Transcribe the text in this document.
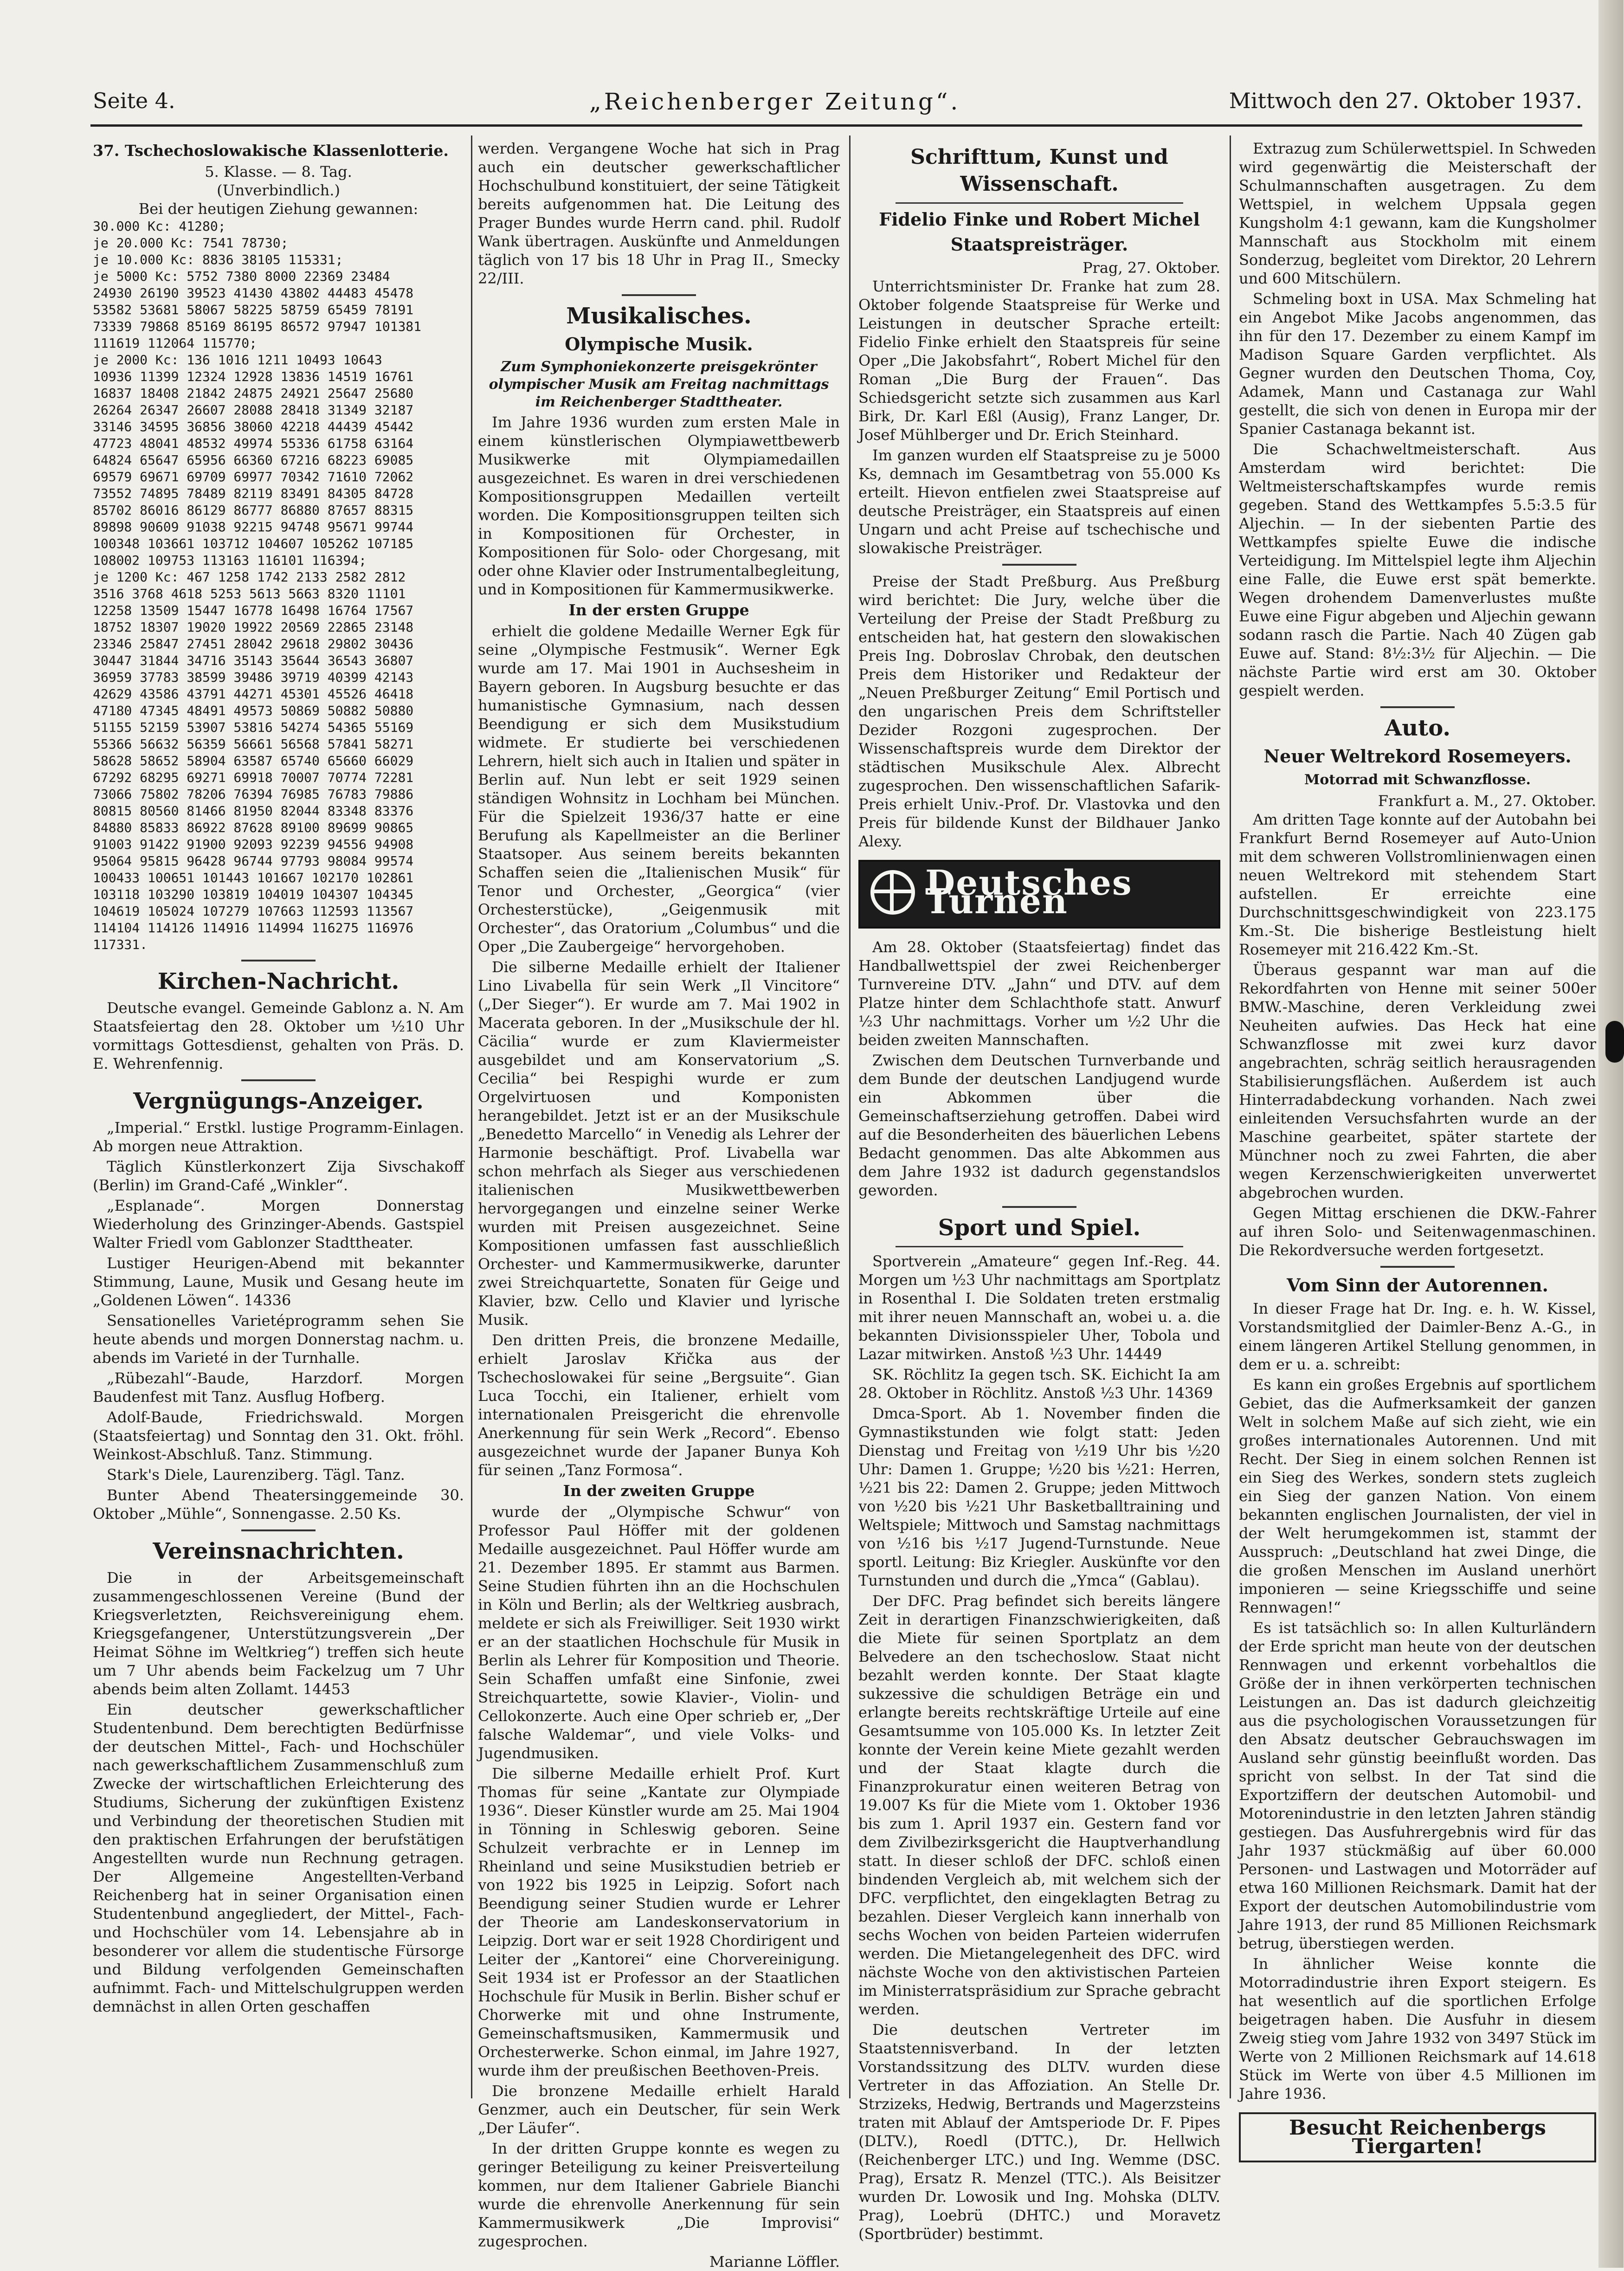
Seite 4.	„Reichenberger Zeitung“.	Mittwoch den 27. Oktober 1937.
37. Tschechoslowakische Klassenlotterie.
5. Klasse. — 8. Tag.
(Unverbindlich.)
Bei der heutigen Ziehung gewannen:
30.000 Kc: 41280;
je 20.000 Kc: 7541 78730;
je 10.000 Kc: 8836 38105 115331;
je 5000 Kc: 5752 7380 8000 22369 23484
24930 26190 39523 41430 43802 44483 45478
53582 53681 58067 58225 58759 65459 78191
73339 79868 85169 86195 86572 97947 101381
111619 112064 115770;
je 2000 Kc: 136 1016 1211 10493 10643
10936 11399 12324 12928 13836 14519 16761
16837 18408 21842 24875 24921 25647 25680
26264 26347 26607 28088 28418 31349 32187
33146 34595 36856 38060 42218 44439 45442
47723 48041 48532 49974 55336 61758 63164
64824 65647 65956 66360 67216 68223 69085
69579 69671 69709 69977 70342 71610 72062
73552 74895 78489 82119 83491 84305 84728
85702 86016 86129 86777 86880 87657 88315
89898 90609 91038 92215 94748 95671 99744
100348 103661 103712 104607 105262 107185
108002 109753 113163 116101 116394;
je 1200 Kc: 467 1258 1742 2133 2582 2812
3516 3768 4618 5253 5613 5663 8320 11101
12258 13509 15447 16778 16498 16764 17567
18752 18307 19020 19922 20569 22865 23148
23346 25847 27451 28042 29618 29802 30436
30447 31844 34716 35143 35644 36543 36807
36959 37783 38599 39486 39719 40399 42143
42629 43586 43791 44271 45301 45526 46418
47180 47345 48491 49573 50869 50882 50880
51155 52159 53907 53816 54274 54365 55169
55366 56632 56359 56661 56568 57841 58271
58628 58652 58904 63587 65740 65660 66029
67292 68295 69271 69918 70007 70774 72281
73066 75802 78206 76394 76985 76783 79886
80815 80560 81466 81950 82044 83348 83376
84880 85833 86922 87628 89100 89699 90865
91003 91422 91900 92093 92239 94556 94908
95064 95815 96428 96744 97793 98084 99574
100433 100651 101443 101667 102170 102861
103118 103290 103819 104019 104307 104345
104619 105024 107279 107663 112593 113567
114104 114126 114916 114994 116275 116976
117331.
Kirchen-Nachricht.

Deutsche evangel. Gemeinde Gablonz a. N. Am Staatsfeiertag den 28. Oktober um ½10 Uhr vormittags Gottesdienst, gehalten von Präs. D. E. Wehrenfennig.

Vergnügungs-Anzeiger.

„Imperial.“ Erstkl. lustige Programm-Einlagen. Ab morgen neue Attraktion.

Täglich Künstlerkonzert Zija Sivschakoff (Berlin) im Grand-Café „Winkler“.

„Esplanade“. Morgen Donnerstag Wiederholung des Grinzinger-Abends. Gastspiel Walter Friedl vom Gablonzer Stadttheater.

Lustiger Heurigen-Abend mit bekannter Stimmung, Laune, Musik und Gesang heute im „Goldenen Löwen“. 14336

Sensationelles Varietéprogramm sehen Sie heute abends und morgen Donnerstag nachm. u. abends im Varieté in der Turnhalle.

„Rübezahl“-Baude, Harzdorf. Morgen Baudenfest mit Tanz. Ausflug Hofberg.

Adolf-Baude, Friedrichswald. Morgen (Staatsfeiertag) und Sonntag den 31. Okt. fröhl. Weinkost-Abschluß. Tanz. Stimmung.

Stark's Diele, Laurenziberg. Tägl. Tanz.

Bunter Abend Theatersinggemeinde 30. Oktober „Mühle“, Sonnengasse. 2.50 Ks.

Vereinsnachrichten.

Die in der Arbeitsgemeinschaft zusammengeschlossenen Vereine (Bund der Kriegsverletzten, Reichsvereinigung ehem. Kriegsgefangener, Unterstützungsverein „Der Heimat Söhne im Weltkrieg“) treffen sich heute um 7 Uhr abends beim Fackelzug um 7 Uhr abends beim alten Zollamt. 14453

Ein deutscher gewerkschaftlicher Studentenbund. Dem berechtigten Bedürfnisse der deutschen Mittel-, Fach- und Hochschüler nach gewerkschaftlichem Zusammenschluß zum Zwecke der wirtschaftlichen Erleichterung des Studiums, Sicherung der zukünftigen Existenz und Verbindung der theoretischen Studien mit den praktischen Erfahrungen der berufstätigen Angestellten wurde nun Rechnung getragen. Der Allgemeine Angestellten-Verband Reichenberg hat in seiner Organisation einen Studentenbund angegliedert, der Mittel-, Fach- und Hochschüler vom 14. Lebensjahre ab in besonderer vor allem die studentische Fürsorge und Bildung verfolgenden Gemeinschaften aufnimmt. Fach- und Mittelschulgruppen werden demnächst in allen Orten geschaffen

werden. Vergangene Woche hat sich in Prag auch ein deutscher gewerkschaftlicher Hochschulbund konstituiert, der seine Tätigkeit bereits aufgenommen hat. Die Leitung des Prager Bundes wurde Herrn cand. phil. Rudolf Wank übertragen. Auskünfte und Anmeldungen täglich von 17 bis 18 Uhr in Prag II., Smecky 22/III.

Musikalisches.
Olympische Musik.
Zum Symphoniekonzerte preisgekrönter olympischer Musik am Freitag nachmittags im Reichenberger Stadttheater.

Im Jahre 1936 wurden zum ersten Male in einem künstlerischen Olympiawettbewerb Musikwerke mit Olympiamedaillen ausgezeichnet. Es waren in drei verschiedenen Kompositionsgruppen Medaillen verteilt worden. Die Kompositionsgruppen teilten sich in Kompositionen für Orchester, in Kompositionen für Solo- oder Chorgesang, mit oder ohne Klavier oder Instrumentalbegleitung, und in Kompositionen für Kammermusikwerke.

In der ersten Gruppe

erhielt die goldene Medaille Werner Egk für seine „Olympische Festmusik“. Werner Egk wurde am 17. Mai 1901 in Auchsesheim in Bayern geboren. In Augsburg besuchte er das humanistische Gymnasium, nach dessen Beendigung er sich dem Musikstudium widmete. Er studierte bei verschiedenen Lehrern, hielt sich auch in Italien und später in Berlin auf. Nun lebt er seit 1929 seinen ständigen Wohnsitz in Lochham bei München. Für die Spielzeit 1936/37 hatte er eine Berufung als Kapellmeister an die Berliner Staatsoper. Aus seinem bereits bekannten Schaffen seien die „Italienischen Musik“ für Tenor und Orchester, „Georgica“ (vier Orchesterstücke), „Geigenmusik mit Orchester“, das Oratorium „Columbus“ und die Oper „Die Zaubergeige“ hervorgehoben.

Die silberne Medaille erhielt der Italiener Lino Livabella für sein Werk „Il Vincitore“ („Der Sieger“). Er wurde am 7. Mai 1902 in Macerata geboren. In der „Musikschule der hl. Cäcilia“ wurde er zum Klaviermeister ausgebildet und am Konservatorium „S. Cecilia“ bei Respighi wurde er zum Orgelvirtuosen und Komponisten herangebildet. Jetzt ist er an der Musikschule „Benedetto Marcello“ in Venedig als Lehrer der Harmonie beschäftigt. Prof. Livabella war schon mehrfach als Sieger aus verschiedenen italienischen Musikwettbewerben hervorgegangen und einzelne seiner Werke wurden mit Preisen ausgezeichnet. Seine Kompositionen umfassen fast ausschließlich Orchester- und Kammermusikwerke, darunter zwei Streichquartette, Sonaten für Geige und Klavier, bzw. Cello und Klavier und lyrische Musik.

Den dritten Preis, die bronzene Medaille, erhielt Jaroslav Křička aus der Tschechoslowakei für seine „Bergsuite“. Gian Luca Tocchi, ein Italiener, erhielt vom internationalen Preisgericht die ehrenvolle Anerkennung für sein Werk „Record“. Ebenso ausgezeichnet wurde der Japaner Bunya Koh für seinen „Tanz Formosa“.

In der zweiten Gruppe

wurde der „Olympische Schwur“ von Professor Paul Höffer mit der goldenen Medaille ausgezeichnet. Paul Höffer wurde am 21. Dezember 1895. Er stammt aus Barmen. Seine Studien führten ihn an die Hochschulen in Köln und Berlin; als der Weltkrieg ausbrach, meldete er sich als Freiwilliger. Seit 1930 wirkt er an der staatlichen Hochschule für Musik in Berlin als Lehrer für Komposition und Theorie. Sein Schaffen umfaßt eine Sinfonie, zwei Streichquartette, sowie Klavier-, Violin- und Cellokonzerte. Auch eine Oper schrieb er, „Der falsche Waldemar“, und viele Volks- und Jugendmusiken.

Die silberne Medaille erhielt Prof. Kurt Thomas für seine „Kantate zur Olympiade 1936“. Dieser Künstler wurde am 25. Mai 1904 in Tönning in Schleswig geboren. Seine Schulzeit verbrachte er in Lennep im Rheinland und seine Musikstudien betrieb er von 1922 bis 1925 in Leipzig. Sofort nach Beendigung seiner Studien wurde er Lehrer der Theorie am Landeskonservatorium in Leipzig. Dort war er seit 1928 Chordirigent und Leiter der „Kantorei“ eine Chorvereinigung. Seit 1934 ist er Professor an der Staatlichen Hochschule für Musik in Berlin. Bisher schuf er Chorwerke mit und ohne Instrumente, Gemeinschaftsmusiken, Kammermusik und Orchesterwerke. Schon einmal, im Jahre 1927, wurde ihm der preußischen Beethoven-Preis.

Die bronzene Medaille erhielt Harald Genzmer, auch ein Deutscher, für sein Werk „Der Läufer“.

In der dritten Gruppe konnte es wegen zu geringer Beteiligung zu keiner Preisverteilung kommen, nur dem Italiener Gabriele Bianchi wurde die ehrenvolle Anerkennung für sein Kammermusikwerk „Die Improvisi“ zugesprochen.

Marianne Löffler.
Schrifttum, Kunst und Wissenschaft.
Fidelio Finke und Robert Michel
Staatspreisträger.
Prag, 27. Oktober.

Unterrichtsminister Dr. Franke hat zum 28. Oktober folgende Staatspreise für Werke und Leistungen in deutscher Sprache erteilt: Fidelio Finke erhielt den Staatspreis für seine Oper „Die Jakobsfahrt“, Robert Michel für den Roman „Die Burg der Frauen“. Das Schiedsgericht setzte sich zusammen aus Karl Birk, Dr. Karl Eßl (Ausig), Franz Langer, Dr. Josef Mühlberger und Dr. Erich Steinhard.

Im ganzen wurden elf Staatspreise zu je 5000 Ks, demnach im Gesamtbetrag von 55.000 Ks erteilt. Hievon entfielen zwei Staatspreise auf deutsche Preisträger, ein Staatspreis auf einen Ungarn und acht Preise auf tschechische und slowakische Preisträger.

Preise der Stadt Preßburg. Aus Preßburg wird berichtet: Die Jury, welche über die Verteilung der Preise der Stadt Preßburg zu entscheiden hat, hat gestern den slowakischen Preis Ing. Dobroslav Chrobak, den deutschen Preis dem Historiker und Redakteur der „Neuen Preßburger Zeitung“ Emil Portisch und den ungarischen Preis dem Schriftsteller Dezider Rozgoni zugesprochen. Der Wissenschaftspreis wurde dem Direktor der städtischen Musikschule Alex. Albrecht zugesprochen. Den wissenschaftlichen Safarik-Preis erhielt Univ.-Prof. Dr. Vlastovka und den Preis für bildende Kunst der Bildhauer Janko Alexy.

Deutsches Turnen

Am 28. Oktober (Staatsfeiertag) findet das Handballwettspiel der zwei Reichenberger Turnvereine DTV. „Jahn“ und DTV. auf dem Platze hinter dem Schlachthofe statt. Anwurf ½3 Uhr nachmittags. Vorher um ½2 Uhr die beiden zweiten Mannschaften.

Zwischen dem Deutschen Turnverbande und dem Bunde der deutschen Landjugend wurde ein Abkommen über die Gemeinschaftserziehung getroffen. Dabei wird auf die Besonderheiten des bäuerlichen Lebens Bedacht genommen. Das alte Abkommen aus dem Jahre 1932 ist dadurch gegenstandslos geworden.

Sport und Spiel.

Sportverein „Amateure“ gegen Inf.-Reg. 44. Morgen um ½3 Uhr nachmittags am Sportplatz in Rosenthal I. Die Soldaten treten erstmalig mit ihrer neuen Mannschaft an, wobei u. a. die bekannten Divisionsspieler Uher, Tobola und Lazar mitwirken. Anstoß ½3 Uhr. 14449

SK. Röchlitz Ia gegen tsch. SK. Eichicht Ia am 28. Oktober in Röchlitz. Anstoß ½3 Uhr. 14369

Dmca-Sport. Ab 1. November finden die Gymnastikstunden wie folgt statt: Jeden Dienstag und Freitag von ½19 Uhr bis ½20 Uhr: Damen 1. Gruppe; ½20 bis ½21: Herren, ½21 bis 22: Damen 2. Gruppe; jeden Mittwoch von ½20 bis ½21 Uhr Basketballtraining und Weltspiele; Mittwoch und Samstag nachmittags von ½16 bis ½17 Jugend-Turnstunde. Neue sportl. Leitung: Biz Kriegler. Auskünfte vor den Turnstunden und durch die „Ymca“ (Gablau).

Der DFC. Prag befindet sich bereits längere Zeit in derartigen Finanzschwierigkeiten, daß die Miete für seinen Sportplatz an dem Belvedere an den tschechoslow. Staat nicht bezahlt werden konnte. Der Staat klagte sukzessive die schuldigen Beträge ein und erlangte bereits rechtskräftige Urteile auf eine Gesamtsumme von 105.000 Ks. In letzter Zeit konnte der Verein keine Miete gezahlt werden und der Staat klagte durch die Finanzprokuratur einen weiteren Betrag von 19.007 Ks für die Miete vom 1. Oktober 1936 bis zum 1. April 1937 ein. Gestern fand vor dem Zivilbezirksgericht die Hauptverhandlung statt. In dieser schloß der DFC. schloß einen bindenden Vergleich ab, mit welchem sich der DFC. verpflichtet, den eingeklagten Betrag zu bezahlen. Dieser Vergleich kann innerhalb von sechs Wochen von beiden Parteien widerrufen werden. Die Mietangelegenheit des DFC. wird nächste Woche von den aktivistischen Parteien im Ministerratspräsidium zur Sprache gebracht werden.

Die deutschen Vertreter im Staatstennisverband. In der letzten Vorstandssitzung des DLTV. wurden diese Vertreter in das Affoziation. An Stelle Dr. Strzizeks, Hedwig, Bertrands und Magerzsteins traten mit Ablauf der Amtsperiode Dr. F. Pipes (DLTV.), Roedl (DTTC.), Dr. Hellwich (Reichenberger LTC.) und Ing. Wemme (DSC. Prag), Ersatz R. Menzel (TTC.). Als Beisitzer wurden Dr. Lowosik und Ing. Mohska (DLTV. Prag), Loebrü (DHTC.) und Moravetz (Sportbrüder) bestimmt.

Extrazug zum Schülerwettspiel. In Schweden wird gegenwärtig die Meisterschaft der Schulmannschaften ausgetragen. Zu dem Wettspiel, in welchem Uppsala gegen Kungsholm 4:1 gewann, kam die Kungsholmer Mannschaft aus Stockholm mit einem Sonderzug, begleitet vom Direktor, 20 Lehrern und 600 Mitschülern.

Schmeling boxt in USA. Max Schmeling hat ein Angebot Mike Jacobs angenommen, das ihn für den 17. Dezember zu einem Kampf im Madison Square Garden verpflichtet. Als Gegner wurden den Deutschen Thoma, Coy, Adamek, Mann und Castanaga zur Wahl gestellt, die sich von denen in Europa mir der Spanier Castanaga bekannt ist.

Die Schachweltmeisterschaft. Aus Amsterdam wird berichtet: Die Weltmeisterschaftskampfes wurde remis gegeben. Stand des Wettkampfes 5.5:3.5 für Aljechin. — In der siebenten Partie des Wettkampfes spielte Euwe die indische Verteidigung. Im Mittelspiel legte ihm Aljechin eine Falle, die Euwe erst spät bemerkte. Wegen drohendem Damenverlustes mußte Euwe eine Figur abgeben und Aljechin gewann sodann rasch die Partie. Nach 40 Zügen gab Euwe auf. Stand: 8½:3½ für Aljechin. — Die nächste Partie wird erst am 30. Oktober gespielt werden.

Auto.
Neuer Weltrekord Rosemeyers.
Motorrad mit Schwanzflosse.
Frankfurt a. M., 27. Oktober.

Am dritten Tage konnte auf der Autobahn bei Frankfurt Bernd Rosemeyer auf Auto-Union mit dem schweren Vollstromlinienwagen einen neuen Weltrekord mit stehendem Start aufstellen. Er erreichte eine Durchschnittsgeschwindigkeit von 223.175 Km.-St. Die bisherige Bestleistung hielt Rosemeyer mit 216.422 Km.-St.

Überaus gespannt war man auf die Rekordfahrten von Henne mit seiner 500er BMW.-Maschine, deren Verkleidung zwei Neuheiten aufwies. Das Heck hat eine Schwanzflosse mit zwei kurz davor angebrachten, schräg seitlich herausragenden Stabilisierungsflächen. Außerdem ist auch Hinterradabdeckung vorhanden. Nach zwei einleitenden Versuchsfahrten wurde an der Maschine gearbeitet, später startete der Münchner noch zu zwei Fahrten, die aber wegen Kerzenschwierigkeiten unverwertet abgebrochen wurden.

Gegen Mittag erschienen die DKW.-Fahrer auf ihren Solo- und Seitenwagenmaschinen. Die Rekordversuche werden fortgesetzt.

Vom Sinn der Autorennen.

In dieser Frage hat Dr. Ing. e. h. W. Kissel, Vorstandsmitglied der Daimler-Benz A.-G., in einem längeren Artikel Stellung genommen, in dem er u. a. schreibt:

Es kann ein großes Ergebnis auf sportlichem Gebiet, das die Aufmerksamkeit der ganzen Welt in solchem Maße auf sich zieht, wie ein großes internationales Autorennen. Und mit Recht. Der Sieg in einem solchen Rennen ist ein Sieg des Werkes, sondern stets zugleich ein Sieg der ganzen Nation. Von einem bekannten englischen Journalisten, der viel in der Welt herumgekommen ist, stammt der Ausspruch: „Deutschland hat zwei Dinge, die die großen Menschen im Ausland unerhört imponieren — seine Kriegsschiffe und seine Rennwagen!“

Es ist tatsächlich so: In allen Kulturländern der Erde spricht man heute von der deutschen Rennwagen und erkennt vorbehaltlos die Größe der in ihnen verkörperten technischen Leistungen an. Das ist dadurch gleichzeitig aus die psychologischen Voraussetzungen für den Absatz deutscher Gebrauchswagen im Ausland sehr günstig beeinflußt worden. Das spricht von selbst. In der Tat sind die Exportziffern der deutschen Automobil- und Motorenindustrie in den letzten Jahren ständig gestiegen. Das Ausfuhrergebnis wird für das Jahr 1937 stückmäßig auf über 60.000 Personen- und Lastwagen und Motorräder auf etwa 160 Millionen Reichsmark. Damit hat der Export der deutschen Automobilindustrie vom Jahre 1913, der rund 85 Millionen Reichsmark betrug, überstiegen werden.

In ähnlicher Weise konnte die Motorradindustrie ihren Export steigern. Es hat wesentlich auf die sportlichen Erfolge beigetragen haben. Die Ausfuhr in diesem Zweig stieg vom Jahre 1932 von 3497 Stück im Werte von 2 Millionen Reichsmark auf 14.618 Stück im Werte von über 4.5 Millionen im Jahre 1936.

Besucht Reichenbergs Tiergarten!
